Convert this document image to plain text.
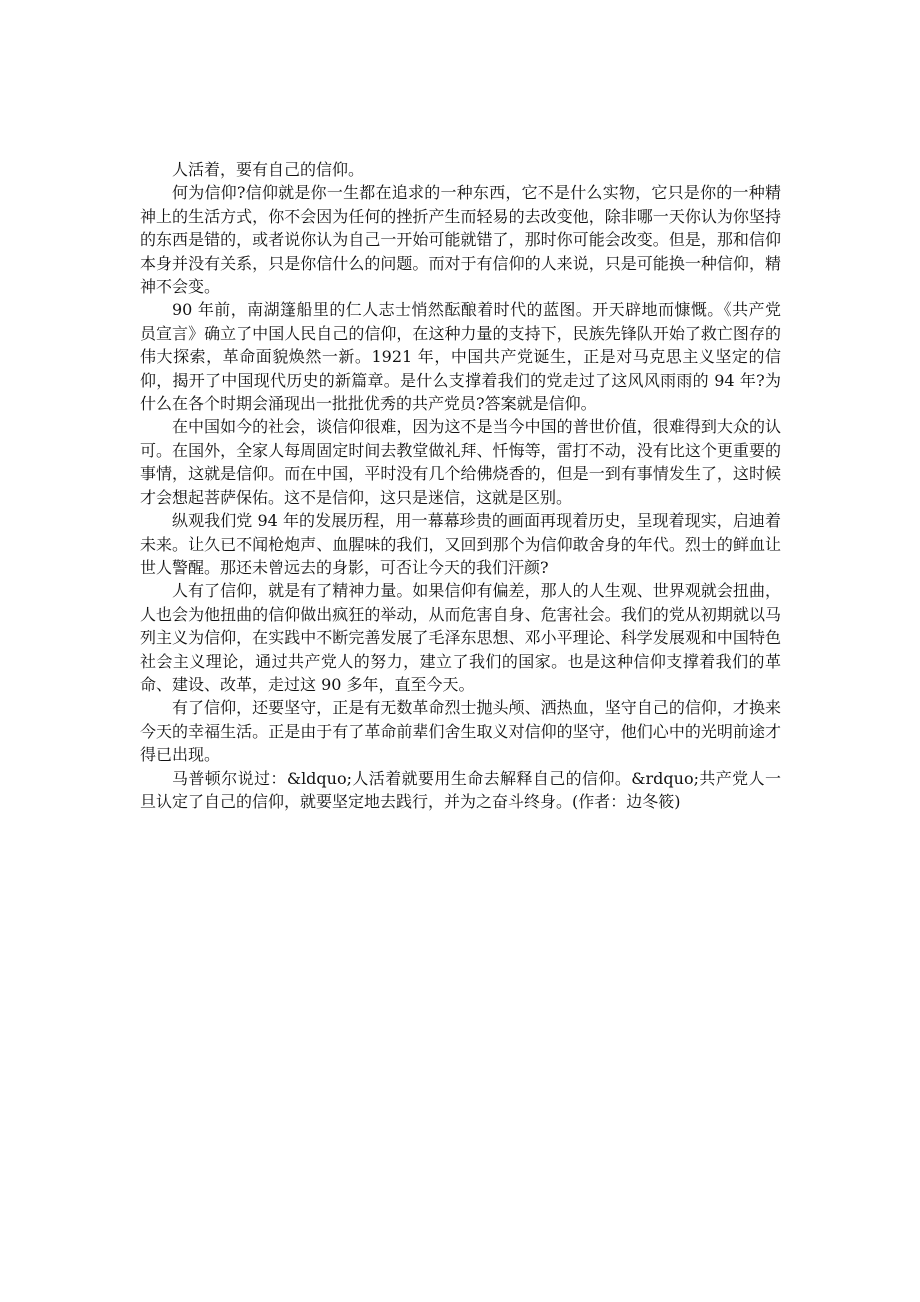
人活着，要有自己的信仰。

何为信仰?信仰就是你一生都在追求的一种东西，它不是什么实物，它只是你的一种精神上的生活方式，你不会因为任何的挫折产生而轻易的去改变他，除非哪一天你认为你坚持的东西是错的，或者说你认为自己一开始可能就错了，那时你可能会改变。但是，那和信仰本身并没有关系，只是你信什么的问题。而对于有信仰的人来说，只是可能换一种信仰，精神不会变。

90 年前，南湖篷船里的仁人志士悄然酝酿着时代的蓝图。开天辟地而慷慨。《共产党员宣言》确立了中国人民自己的信仰，在这种力量的支持下，民族先锋队开始了救亡图存的伟大探索，革命面貌焕然一新。1921 年，中国共产党诞生，正是对马克思主义坚定的信仰，揭开了中国现代历史的新篇章。是什么支撑着我们的党走过了这风风雨雨的 94 年?为什么在各个时期会涌现出一批批优秀的共产党员?答案就是信仰。

在中国如今的社会，谈信仰很难，因为这不是当今中国的普世价值，很难得到大众的认可。在国外，全家人每周固定时间去教堂做礼拜、忏悔等，雷打不动，没有比这个更重要的事情，这就是信仰。而在中国，平时没有几个给佛烧香的，但是一到有事情发生了，这时候才会想起菩萨保佑。这不是信仰，这只是迷信，这就是区别。

纵观我们党 94 年的发展历程，用一幕幕珍贵的画面再现着历史，呈现着现实，启迪着未来。让久已不闻枪炮声、血腥味的我们，又回到那个为信仰敢舍身的年代。烈士的鲜血让世人警醒。那还未曾远去的身影，可否让今天的我们汗颜?

人有了信仰，就是有了精神力量。如果信仰有偏差，那人的人生观、世界观就会扭曲，人也会为他扭曲的信仰做出疯狂的举动，从而危害自身、危害社会。我们的党从初期就以马列主义为信仰，在实践中不断完善发展了毛泽东思想、邓小平理论、科学发展观和中国特色社会主义理论，通过共产党人的努力，建立了我们的国家。也是这种信仰支撑着我们的革命、建设、改革，走过这 90 多年，直至今天。

有了信仰，还要坚守，正是有无数革命烈士抛头颅、洒热血，坚守自己的信仰，才换来今天的幸福生活。正是由于有了革命前辈们舍生取义对信仰的坚守，他们心中的光明前途才得已出现。

马普顿尔说过：&ldquo;人活着就要用生命去解释自己的信仰。&rdquo;共产党人一旦认定了自己的信仰，就要坚定地去践行，并为之奋斗终身。(作者：边冬筱)
